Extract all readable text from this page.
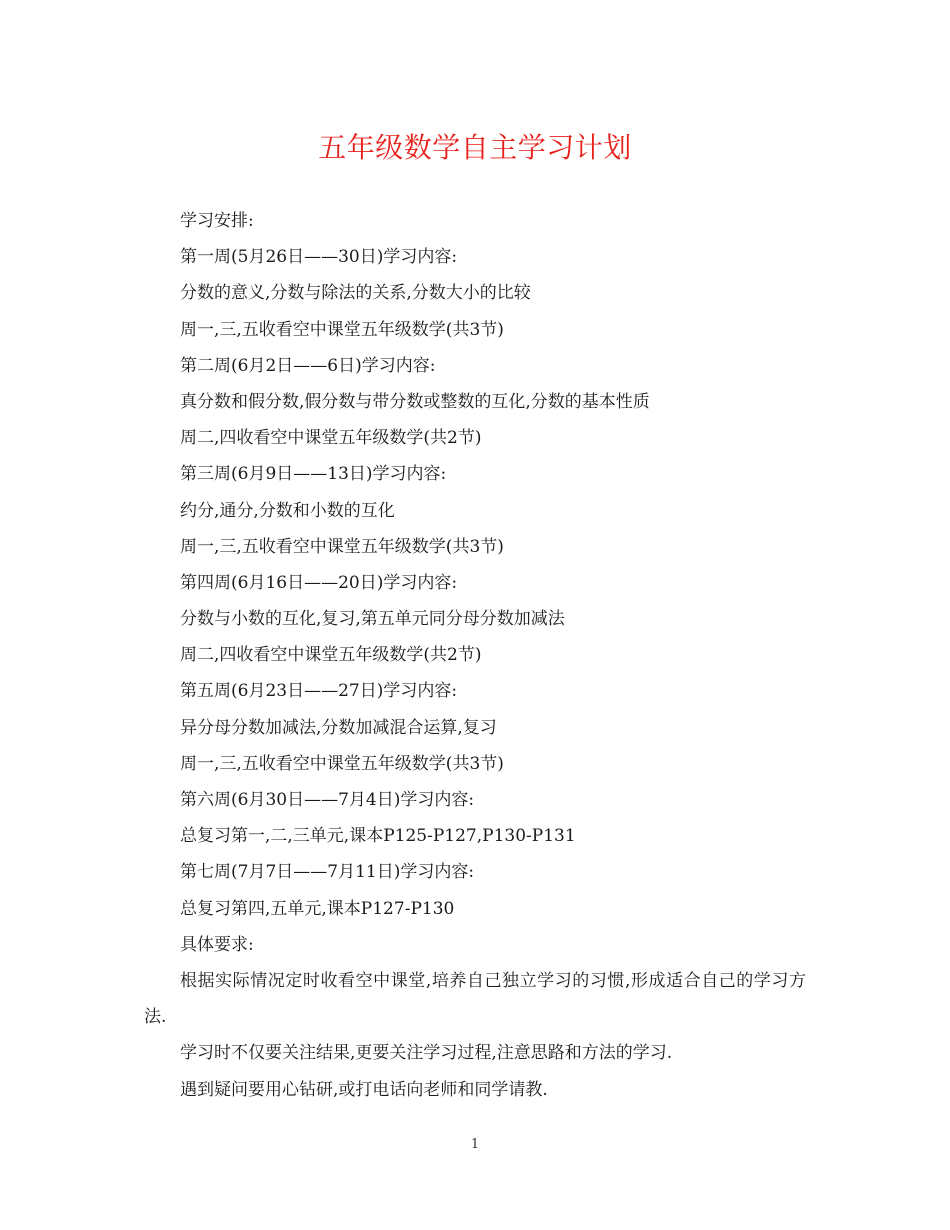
五年级数学自主学习计划
学习安排:
第一周(5月26日——30日)学习内容:
分数的意义,分数与除法的关系,分数大小的比较
周一,三,五收看空中课堂五年级数学(共3节)
第二周(6月2日——6日)学习内容:
真分数和假分数,假分数与带分数或整数的互化,分数的基本性质
周二,四收看空中课堂五年级数学(共2节)
第三周(6月9日——13日)学习内容:
约分,通分,分数和小数的互化
周一,三,五收看空中课堂五年级数学(共3节)
第四周(6月16日——20日)学习内容:
分数与小数的互化,复习,第五单元同分母分数加减法
周二,四收看空中课堂五年级数学(共2节)
第五周(6月23日——27日)学习内容:
异分母分数加减法,分数加减混合运算,复习
周一,三,五收看空中课堂五年级数学(共3节)
第六周(6月30日——7月4日)学习内容:
总复习第一,二,三单元,课本P125-P127,P130-P131
第七周(7月7日——7月11日)学习内容:
总复习第四,五单元,课本P127-P130
具体要求:
根据实际情况定时收看空中课堂,培养自己独立学习的习惯,形成适合自己的学习方法.
学习时不仅要关注结果,更要关注学习过程,注意思路和方法的学习.
遇到疑问要用心钻研,或打电话向老师和同学请教.
1
